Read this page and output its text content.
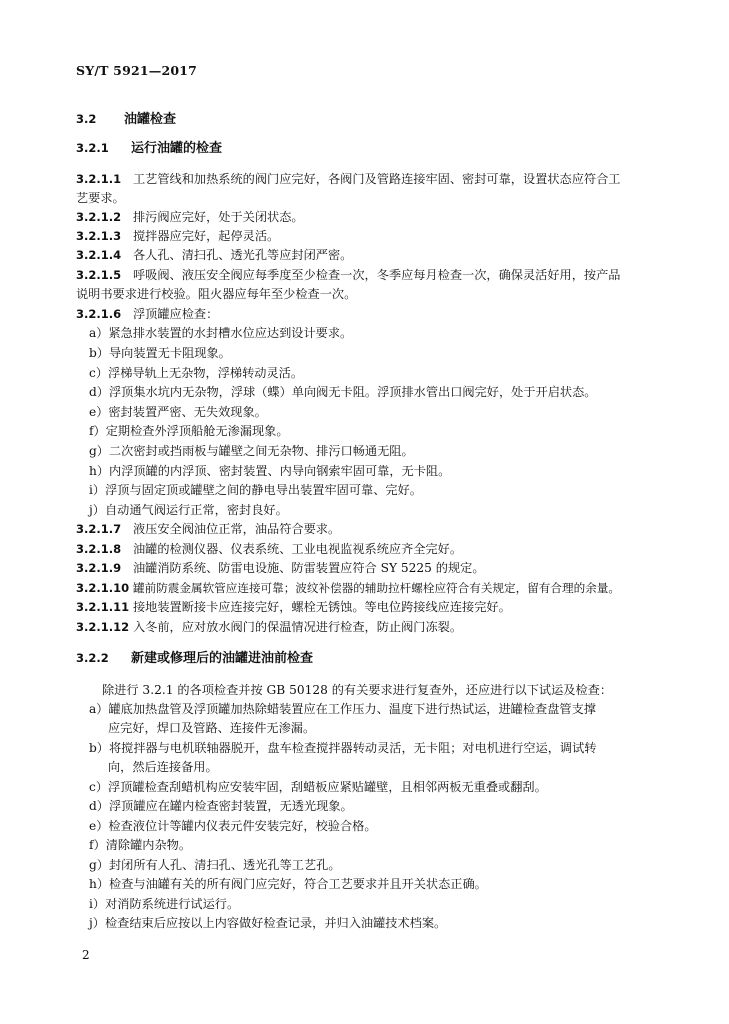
SY/T 5921—2017
3.2 油罐检查
3.2.1 运行油罐的检查
3.2.1.1 工艺管线和加热系统的阀门应完好，各阀门及管路连接牢固、密封可靠，设置状态应符合工
艺要求。
3.2.1.2 排污阀应完好，处于关闭状态。
3.2.1.3 搅拌器应完好，起停灵活。
3.2.1.4 各人孔、清扫孔、透光孔等应封闭严密。
3.2.1.5 呼吸阀、液压安全阀应每季度至少检查一次，冬季应每月检查一次，确保灵活好用，按产品
说明书要求进行校验。阻火器应每年至少检查一次。
3.2.1.6 浮顶罐应检查：
a）紧急排水装置的水封槽水位应达到设计要求。
b）导向装置无卡阻现象。
c）浮梯导轨上无杂物，浮梯转动灵活。
d）浮顶集水坑内无杂物，浮球（蝶）单向阀无卡阻。浮顶排水管出口阀完好，处于开启状态。
e）密封装置严密、无失效现象。
f）定期检查外浮顶船舱无渗漏现象。
g）二次密封或挡雨板与罐壁之间无杂物、排污口畅通无阻。
h）内浮顶罐的内浮顶、密封装置、内导向钢索牢固可靠，无卡阻。
i）浮顶与固定顶或罐壁之间的静电导出装置牢固可靠、完好。
j）自动通气阀运行正常，密封良好。
3.2.1.7 液压安全阀油位正常，油品符合要求。
3.2.1.8 油罐的检测仪器、仪表系统、工业电视监视系统应齐全完好。
3.2.1.9 油罐消防系统、防雷电设施、防雷装置应符合 SY 5225 的规定。
3.2.1.10 罐前防震金属软管应连接可靠；波纹补偿器的辅助拉杆螺栓应符合有关规定，留有合理的余量。
3.2.1.11 接地装置断接卡应连接完好，螺栓无锈蚀。等电位跨接线应连接完好。
3.2.1.12 入冬前，应对放水阀门的保温情况进行检查，防止阀门冻裂。
3.2.2 新建或修理后的油罐进油前检查
除进行 3.2.1 的各项检查并按 GB 50128 的有关要求进行复查外，还应进行以下试运及检查：
a）罐底加热盘管及浮顶罐加热除蜡装置应在工作压力、温度下进行热试运，进罐检查盘管支撑
应完好，焊口及管路、连接件无渗漏。
b）将搅拌器与电机联轴器脱开，盘车检查搅拌器转动灵活，无卡阻；对电机进行空运，调试转
向，然后连接备用。
c）浮顶罐检查刮蜡机构应安装牢固，刮蜡板应紧贴罐壁，且相邻两板无重叠或翻刮。
d）浮顶罐应在罐内检查密封装置，无透光现象。
e）检查液位计等罐内仪表元件安装完好，校验合格。
f）清除罐内杂物。
g）封闭所有人孔、清扫孔、透光孔等工艺孔。
h）检查与油罐有关的所有阀门应完好，符合工艺要求并且开关状态正确。
i）对消防系统进行试运行。
j）检查结束后应按以上内容做好检查记录，并归入油罐技术档案。
2
